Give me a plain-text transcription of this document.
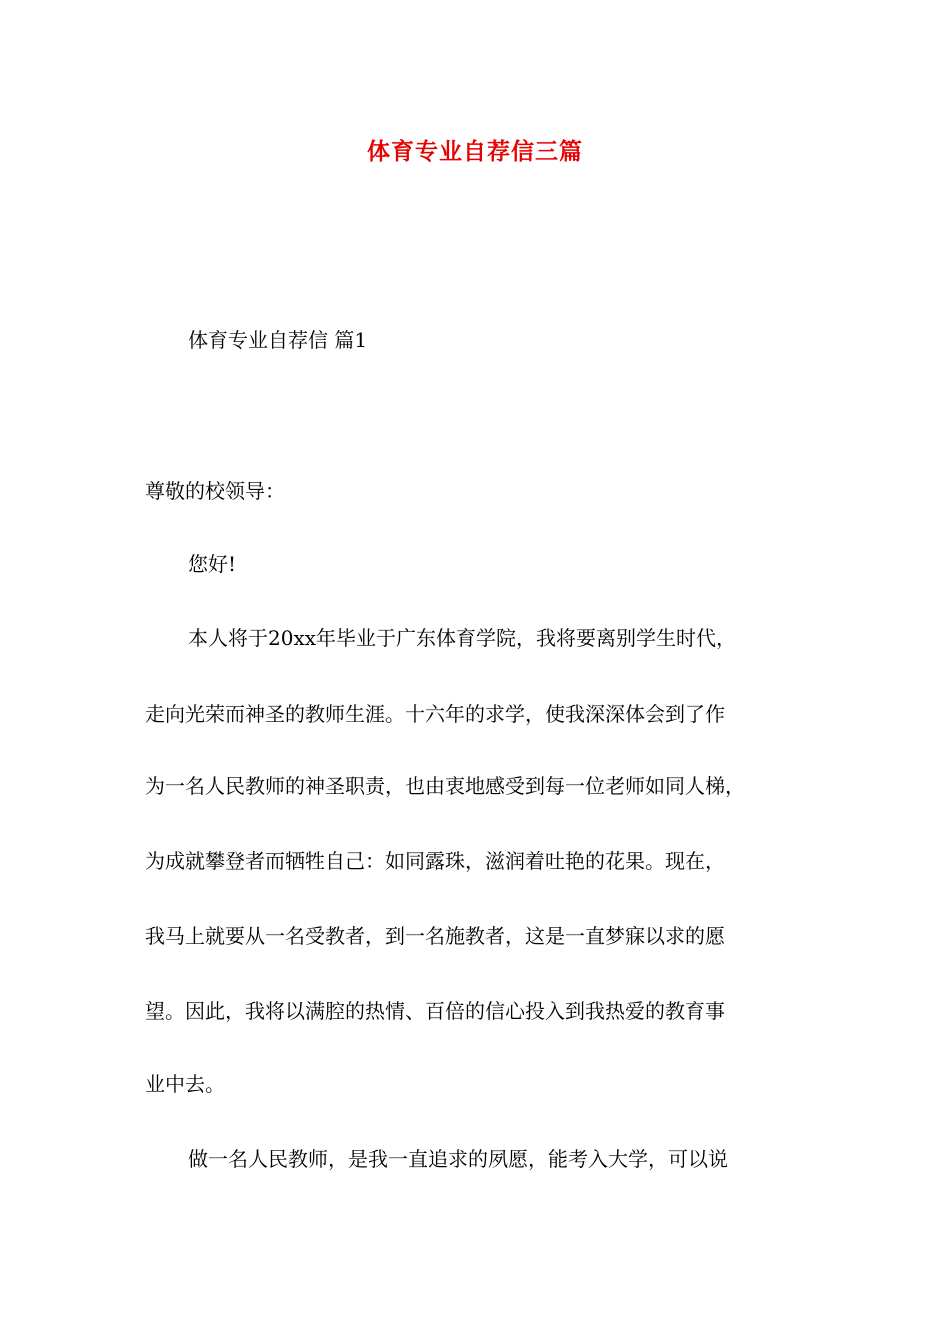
体育专业自荐信三篇

体育专业自荐信 篇1

尊敬的校领导：

您好!

本人将于20xx年毕业于广东体育学院，我将要离别学生时代，

走向光荣而神圣的教师生涯。十六年的求学，使我深深体会到了作

为一名人民教师的神圣职责，也由衷地感受到每一位老师如同人梯，

为成就攀登者而牺牲自己：如同露珠，滋润着吐艳的花果。现在，

我马上就要从一名受教者，到一名施教者，这是一直梦寐以求的愿

望。因此，我将以满腔的热情、百倍的信心投入到我热爱的教育事

业中去。

做一名人民教师，是我一直追求的夙愿，能考入大学，可以说
